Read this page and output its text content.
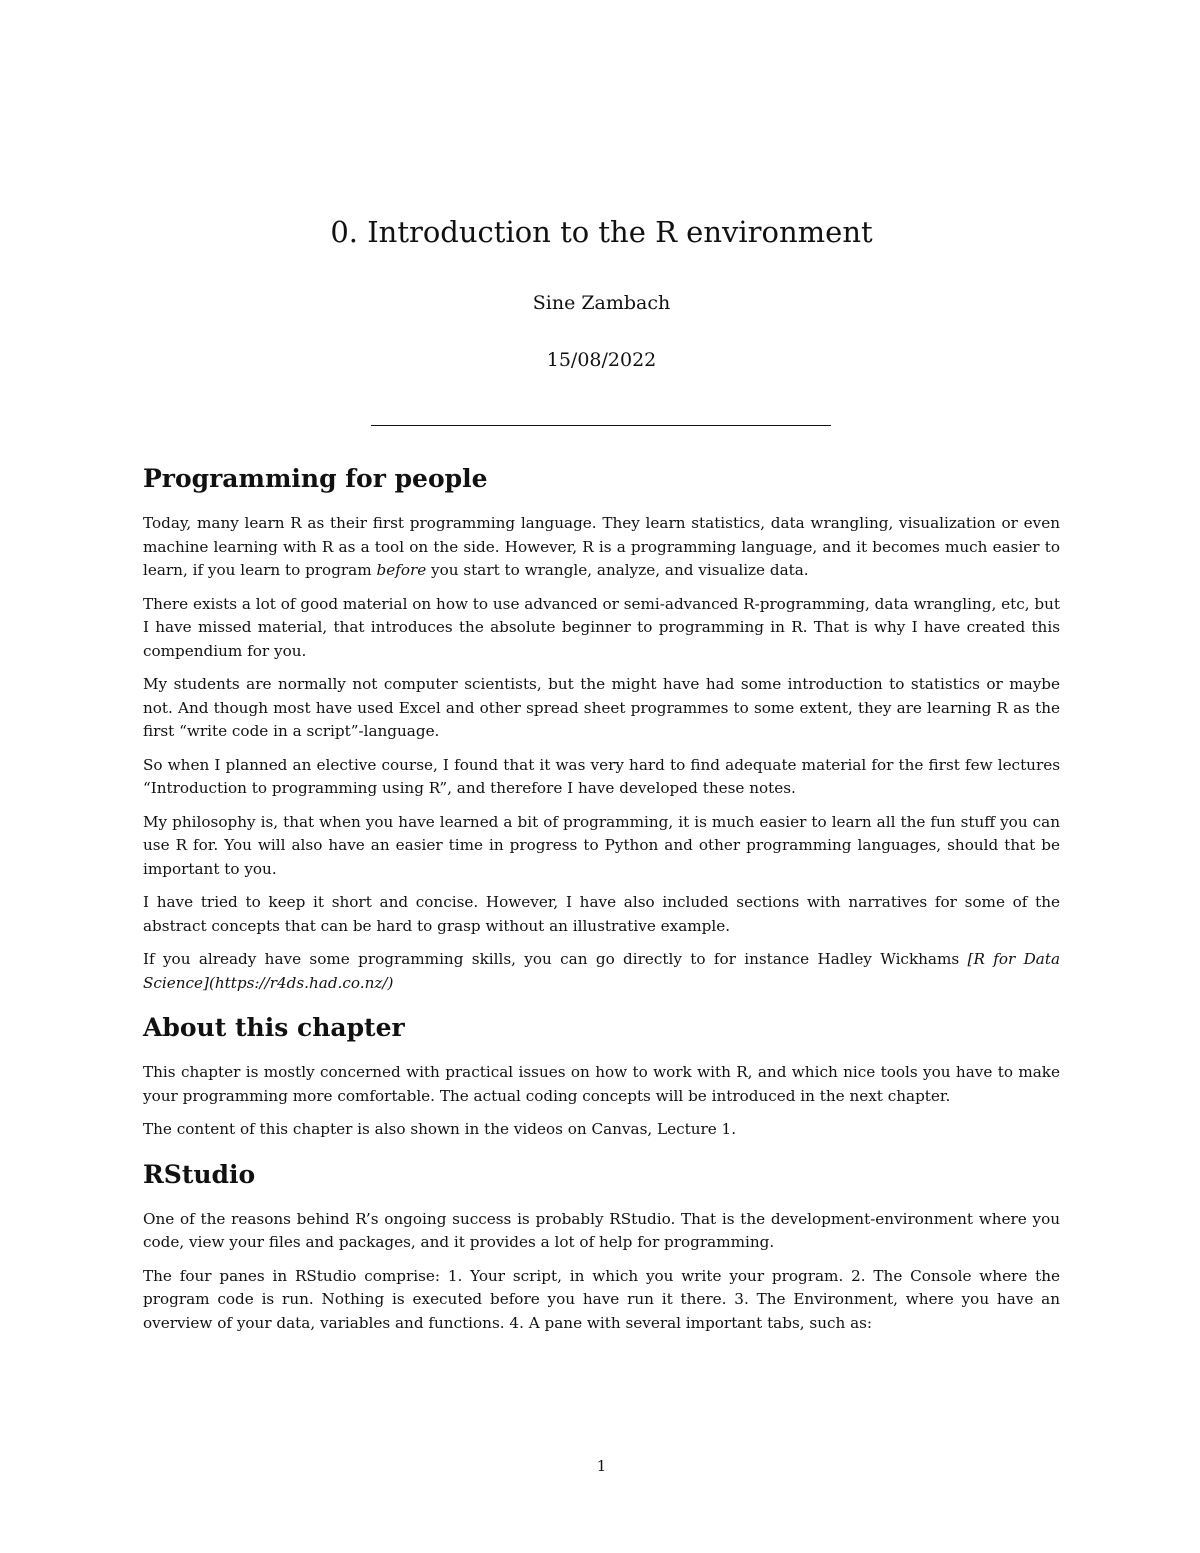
0. Introduction to the R environment
Sine Zambach
15/08/2022
Programming for people

Today, many learn R as their first programming language. They learn statistics, data wrangling, visualization or even machine learning with R as a tool on the side. However, R is a programming language, and it becomes much easier to learn, if you learn to program before you start to wrangle, analyze, and visualize data.

There exists a lot of good material on how to use advanced or semi-advanced R-programming, data wrangling, etc, but I have missed material, that introduces the absolute beginner to programming in R. That is why I have created this compendium for you.

My students are normally not computer scientists, but the might have had some introduction to statistics or maybe not. And though most have used Excel and other spread sheet programmes to some extent, they are learning R as the first “write code in a script”-language.

So when I planned an elective course, I found that it was very hard to find adequate material for the first few lectures “Introduction to programming using R”, and therefore I have developed these notes.

My philosophy is, that when you have learned a bit of programming, it is much easier to learn all the fun stuff you can use R for. You will also have an easier time in progress to Python and other programming languages, should that be important to you.

I have tried to keep it short and concise. However, I have also included sections with narratives for some of the abstract concepts that can be hard to grasp without an illustrative example.

If you already have some programming skills, you can go directly to for instance Hadley Wickhams [R for Data Science](https://r4ds.had.co.nz/)

About this chapter

This chapter is mostly concerned with practical issues on how to work with R, and which nice tools you have to make your programming more comfortable. The actual coding concepts will be introduced in the next chapter.

The content of this chapter is also shown in the videos on Canvas, Lecture 1.

RStudio

One of the reasons behind R’s ongoing success is probably RStudio. That is the development-environment where you code, view your files and packages, and it provides a lot of help for programming.

The four panes in RStudio comprise: 1. Your script, in which you write your program. 2. The Console where the program code is run. Nothing is executed before you have run it there. 3. The Environment, where you have an overview of your data, variables and functions. 4. A pane with several important tabs, such as:

1
